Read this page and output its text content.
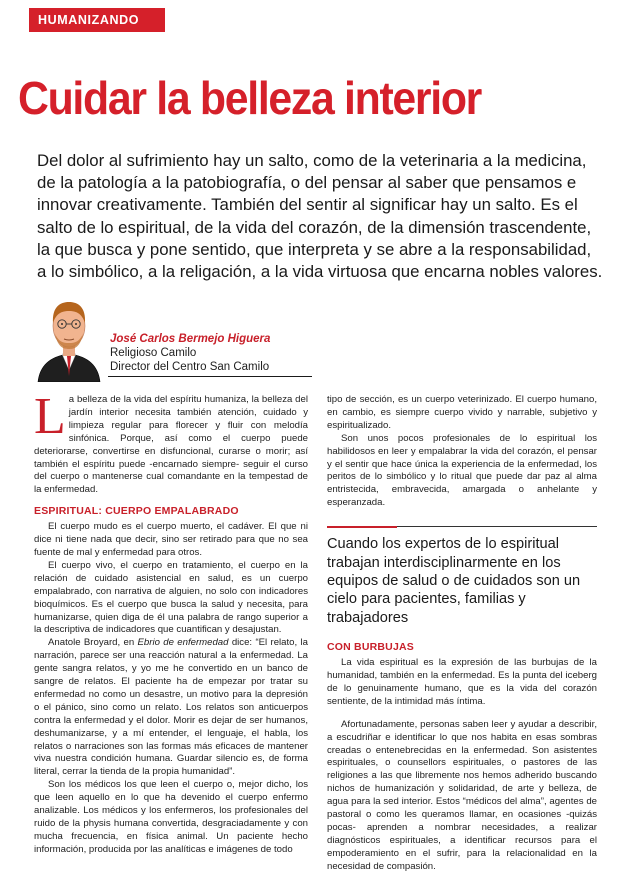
HUMANIZANDO
Cuidar la belleza interior

Del dolor al sufrimiento hay un salto, como de la veterinaria a la medicina, de la patología a la patobiografía, o del pensar al saber que pensamos e innovar creativamente. También del sentir al significar hay un salto. Es el salto de lo espiritual, de la vida del corazón, de la dimensión trascendente, la que busca y pone sentido, que interpreta y se abre a la responsabilidad, a lo simbólico, a la religación, a la vida virtuosa que encarna nobles valores.

José Carlos Bermejo Higuera
Religioso Camilo
Director del Centro San Camilo

La belleza de la vida del espíritu humaniza, la belleza del jardín interior necesita también atención, cuidado y limpieza regular para florecer y fluir con melodía sinfónica. Porque, así como el cuerpo puede deteriorarse, convertirse en disfuncional, curarse o morir; así también el espíritu puede -encarnado siempre- seguir el curso del cuerpo o mantenerse cual comandante en la tempestad de la enfermedad.

ESPIRITUAL: CUERPO EMPALABRADO

El cuerpo mudo es el cuerpo muerto, el cadáver. El que ni dice ni tiene nada que decir, sino ser retirado para que no sea fuente de mal y enfermedad para otros.

El cuerpo vivo, el cuerpo en tratamiento, el cuerpo en la relación de cuidado asistencial en salud, es un cuerpo empalabrado, con narrativa de alguien, no solo con indicadores bioquímicos. Es el cuerpo que busca la salud y necesita, para humanizarse, quien diga de él una palabra de rango superior a la descriptiva de indicadores que cuantifican y desajustan.

Anatole Broyard, en Ebrio de enfermedad dice: “El relato, la narración, parece ser una reacción natural a la enfermedad. La gente sangra relatos, y yo me he convertido en un banco de sangre de relatos. El paciente ha de empezar por tratar su enfermedad no como un desastre, un motivo para la depresión o el pánico, sino como un relato. Los relatos son anticuerpos contra la enfermedad y el dolor. Morir es dejar de ser humanos, deshumanizarse, y a mí entender, el lenguaje, el habla, los relatos o narraciones son las formas más eficaces de mantener viva nuestra condición humana. Guardar silencio es, de forma literal, cerrar la tienda de la propia humanidad”.

Son los médicos los que leen el cuerpo o, mejor dicho, los que leen aquello en lo que ha devenido el cuerpo enfermo analizable. Los médicos y los enfermeros, los profesionales del ruido de la physis humana convertida, desgraciadamente y con mucha frecuencia, en física animal. Un paciente hecho información, producida por las analíticas e imágenes de todo

tipo de sección, es un cuerpo veterinizado. El cuerpo humano, en cambio, es siempre cuerpo vivido y narrable, subjetivo y espiritualizado.

Son unos pocos profesionales de lo espiritual los habilidosos en leer y empalabrar la vida del corazón, el pensar y el sentir que hace única la experiencia de la enfermedad, los peritos de lo simbólico y lo ritual que puede dar paz al alma entristecida, embravecida, amargada o anhelante y esperanzada.

Cuando los expertos de lo espiritual trabajan interdisciplinarmente en los equipos de salud o de cuidados son un cielo para pacientes, familias y trabajadores
CON BURBUJAS

La vida espiritual es la expresión de las burbujas de la humanidad, también en la enfermedad. Es la punta del iceberg de lo genuinamente humano, que es la vida del corazón sentiente, de la intimidad más íntima.

Afortunadamente, personas saben leer y ayudar a describir, a escudriñar e identificar lo que nos habita en esas sombras creadas o entenebrecidas en la enfermedad. Son asistentes espirituales, o counsellors espirituales, o pastores de las religiones a las que libremente nos hemos adherido buscando nichos de humanización y solidaridad, de arte y belleza, de agua para la sed interior. Estos “médicos del alma”, agentes de pastoral o como les queramos llamar, en ocasiones -quizás pocas- aprenden a nombrar necesidades, a realizar diagnósticos espirituales, a identificar recursos para el empoderamiento en el sufrir, para la relacionalidad en la necesidad de compasión.
